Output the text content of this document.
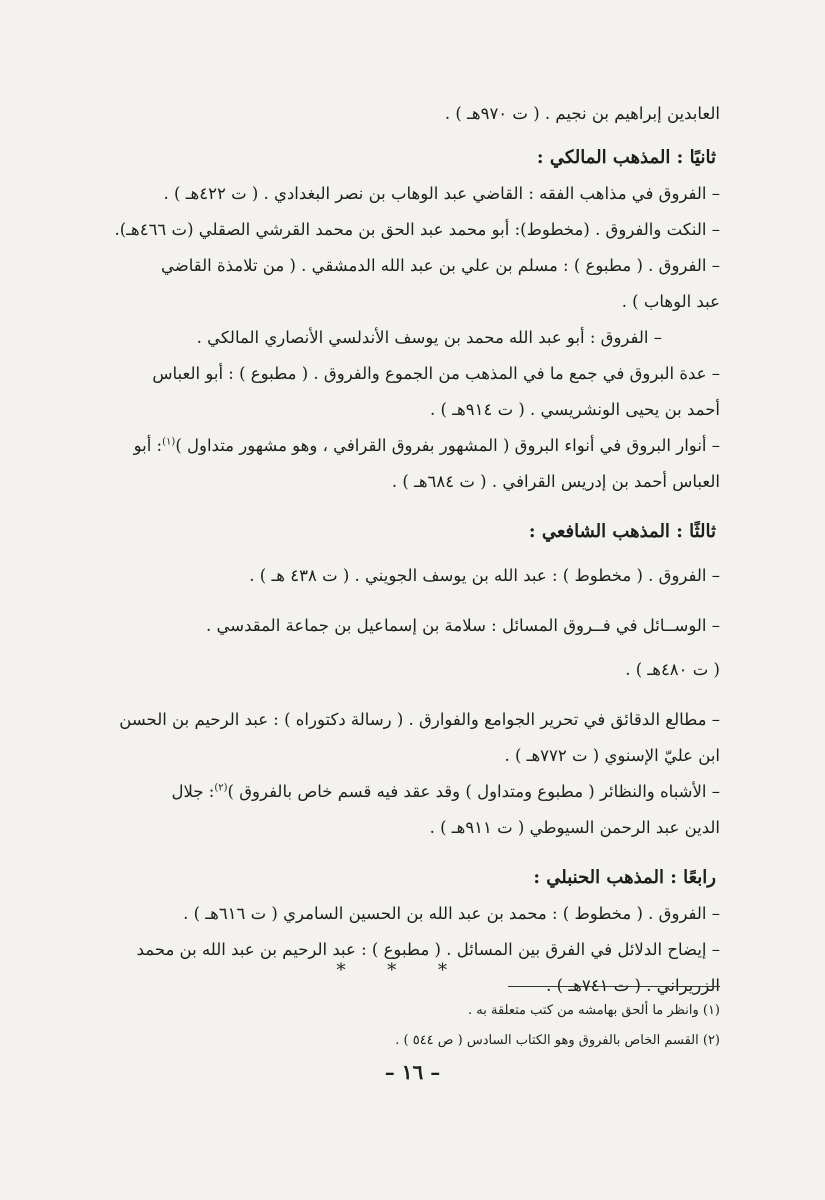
العابدين إبراهيم بن نجيم . ( ت ٩٧٠هـ ) .

ثانيًا : المذهب المالكي :

– الفروق في مذاهب الفقه : القاضي عبد الوهاب بن نصر البغدادي . ( ت ٤٢٢هـ ) .

– النكت والفروق . (مخطوط): أبو محمد عبد الحق بن محمد القرشي الصقلي (ت ٤٦٦هـ).

– الفروق . ( مطبوع ) : مسلم بن علي بن عبد الله الدمشقي . ( من تلامذة القاضي

عبد الوهاب ) .

– الفروق : أبو عبد الله محمد بن يوسف الأندلسي الأنصاري المالكي .

– عدة البروق في جمع ما في المذهب من الجموع والفروق . ( مطبوع ) : أبو العباس

أحمد بن يحيى الونشريسي . ( ت ٩١٤هـ ) .

– أنوار البروق في أنواء البروق ( المشهور بفروق القرافي ، وهو مشهور متداول )$^{(١)}$: أبو

العباس أحمد بن إدريس القرافي . ( ت ٦٨٤هـ ) .

ثالثًا : المذهب الشافعي :

– الفروق . ( مخطوط ) : عبد الله بن يوسف الجويني . ( ت ٤٣٨ هـ ) .

– الوســائل في فــروق المسائل : سلامة بن إسماعيل بن جماعة المقدسي .

( ت ٤٨٠هـ ) .

– مطالع الدقائق في تحرير الجوامع والفوارق . ( رسالة دكتوراه ) : عبد الرحيم بن الحسن

ابن عليّ الإسنوي ( ت ٧٧٢هـ ) .

– الأشباه والنظائر ( مطبوع ومتداول ) وقد عقد فيه قسم خاص بالفروق )$^{(٢)}$: جلال

الدين عبد الرحمن السيوطي ( ت ٩١١هـ ) .

رابعًا : المذهب الحنبلي :

– الفروق . ( مخطوط ) : محمد بن عبد الله بن الحسين السامري ( ت ٦١٦هـ ) .

– إيضاح الدلائل في الفرق بين المسائل . ( مطبوع ) : عبد الرحيم بن عبد الله بن محمد

الزريراني . ( ت ٧٤١هـ ) .

* * *

(١) وانظر ما ألحق بهامشه من كتب متعلقة به .

(٢) القسم الخاص بالفروق وهو الكتاب السادس ( ص ٥٤٤ ) .

– ١٦ –
